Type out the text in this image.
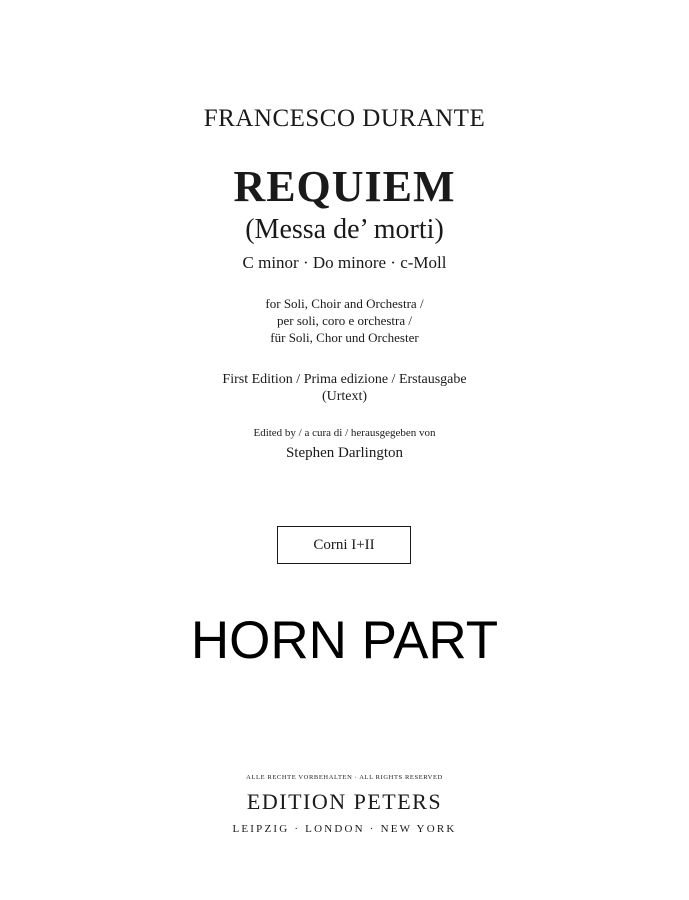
FRANCESCO DURANTE
REQUIEM
(Messa de’ morti)
C minor · Do minore · c-Moll
for Soli, Choir and Orchestra /
per soli, coro e orchestra /
für Soli, Chor und Orchester
First Edition / Prima edizione / Erstausgabe
(Urtext)
Edited by / a cura di / herausgegeben von
Stephen Darlington
Corni I+II
HORN PART
ALLE RECHTE VORBEHALTEN · ALL RIGHTS RESERVED
EDITION PETERS
LEIPZIG · LONDON · NEW YORK
